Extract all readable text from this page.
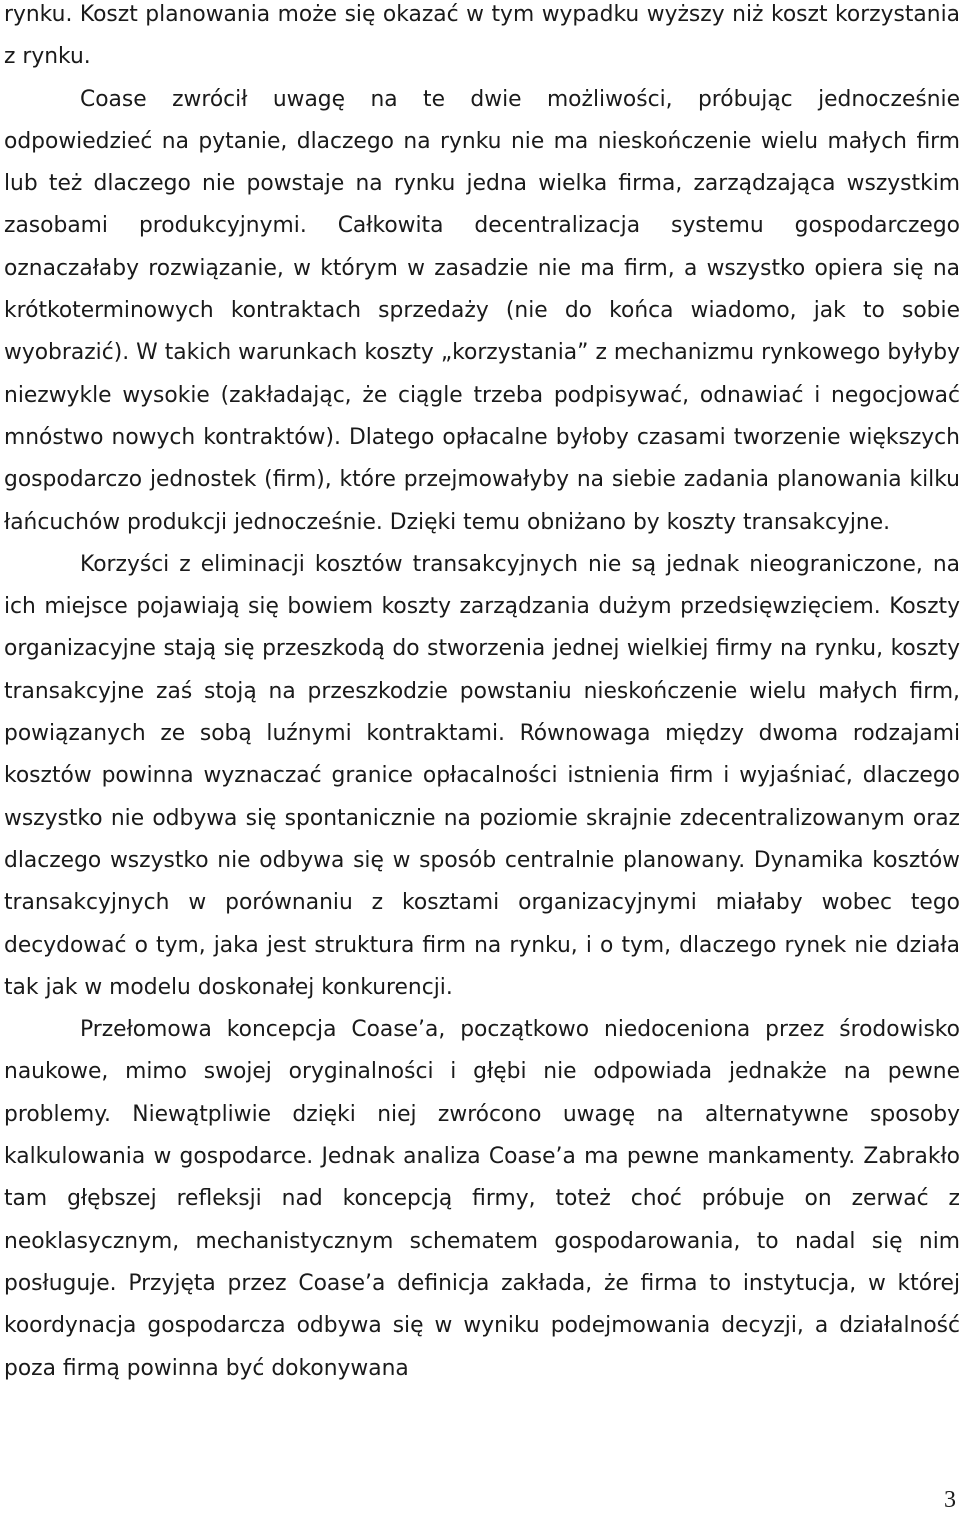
rynku. Koszt planowania może się okazać w tym wypadku wyższy niż koszt korzystania z rynku.

Coase zwrócił uwagę na te dwie możliwości, próbując jednocześnie odpowiedzieć na pytanie, dlaczego na rynku nie ma nieskończenie wielu małych firm lub też dlaczego nie powstaje na rynku jedna wielka firma, zarządzająca wszystkim zasobami produkcyjnymi. Całkowita decentralizacja systemu gospodarczego oznaczałaby rozwiązanie, w którym w zasadzie nie ma firm, a wszystko opiera się na krótkoterminowych kontraktach sprzedaży (nie do końca wiadomo, jak to sobie wyobrazić). W takich warunkach koszty „korzystania” z mechanizmu rynkowego byłyby niezwykle wysokie (zakładając, że ciągle trzeba podpisywać, odnawiać i negocjować mnóstwo nowych kontraktów). Dlatego opłacalne byłoby czasami tworzenie większych gospodarczo jednostek (firm), które przejmowałyby na siebie zadania planowania kilku łańcuchów produkcji jednocześnie. Dzięki temu obniżano by koszty transakcyjne.

Korzyści z eliminacji kosztów transakcyjnych nie są jednak nieograniczone, na ich miejsce pojawiają się bowiem koszty zarządzania dużym przedsięwzięciem. Koszty organizacyjne stają się przeszkodą do stworzenia jednej wielkiej firmy na rynku, koszty transakcyjne zaś stoją na przeszkodzie powstaniu nieskończenie wielu małych firm, powiązanych ze sobą luźnymi kontraktami. Równowaga między dwoma rodzajami kosztów powinna wyznaczać granice opłacalności istnienia firm i wyjaśniać, dlaczego wszystko nie odbywa się spontanicznie na poziomie skrajnie zdecentralizowanym oraz dlaczego wszystko nie odbywa się w sposób centralnie planowany. Dynamika kosztów transakcyjnych w porównaniu z kosztami organizacyjnymi miałaby wobec tego decydować o tym, jaka jest struktura firm na rynku, i o tym, dlaczego rynek nie działa tak jak w modelu doskonałej konkurencji.

Przełomowa koncepcja Coase’a, początkowo niedoceniona przez środowisko naukowe, mimo swojej oryginalności i głębi nie odpowiada jednakże na pewne problemy. Niewątpliwie dzięki niej zwrócono uwagę na alternatywne sposoby kalkulowania w gospodarce. Jednak analiza Coase’a ma pewne mankamenty. Zabrakło tam głębszej refleksji nad koncepcją firmy, toteż choć próbuje on zerwać z neoklasycznym, mechanistycznym schematem gospodarowania, to nadal się nim posługuje. Przyjęta przez Coase’a definicja zakłada, że firma to instytucja, w której koordynacja gospodarcza odbywa się w wyniku podejmowania decyzji, a działalność poza firmą powinna być dokonywana

3
